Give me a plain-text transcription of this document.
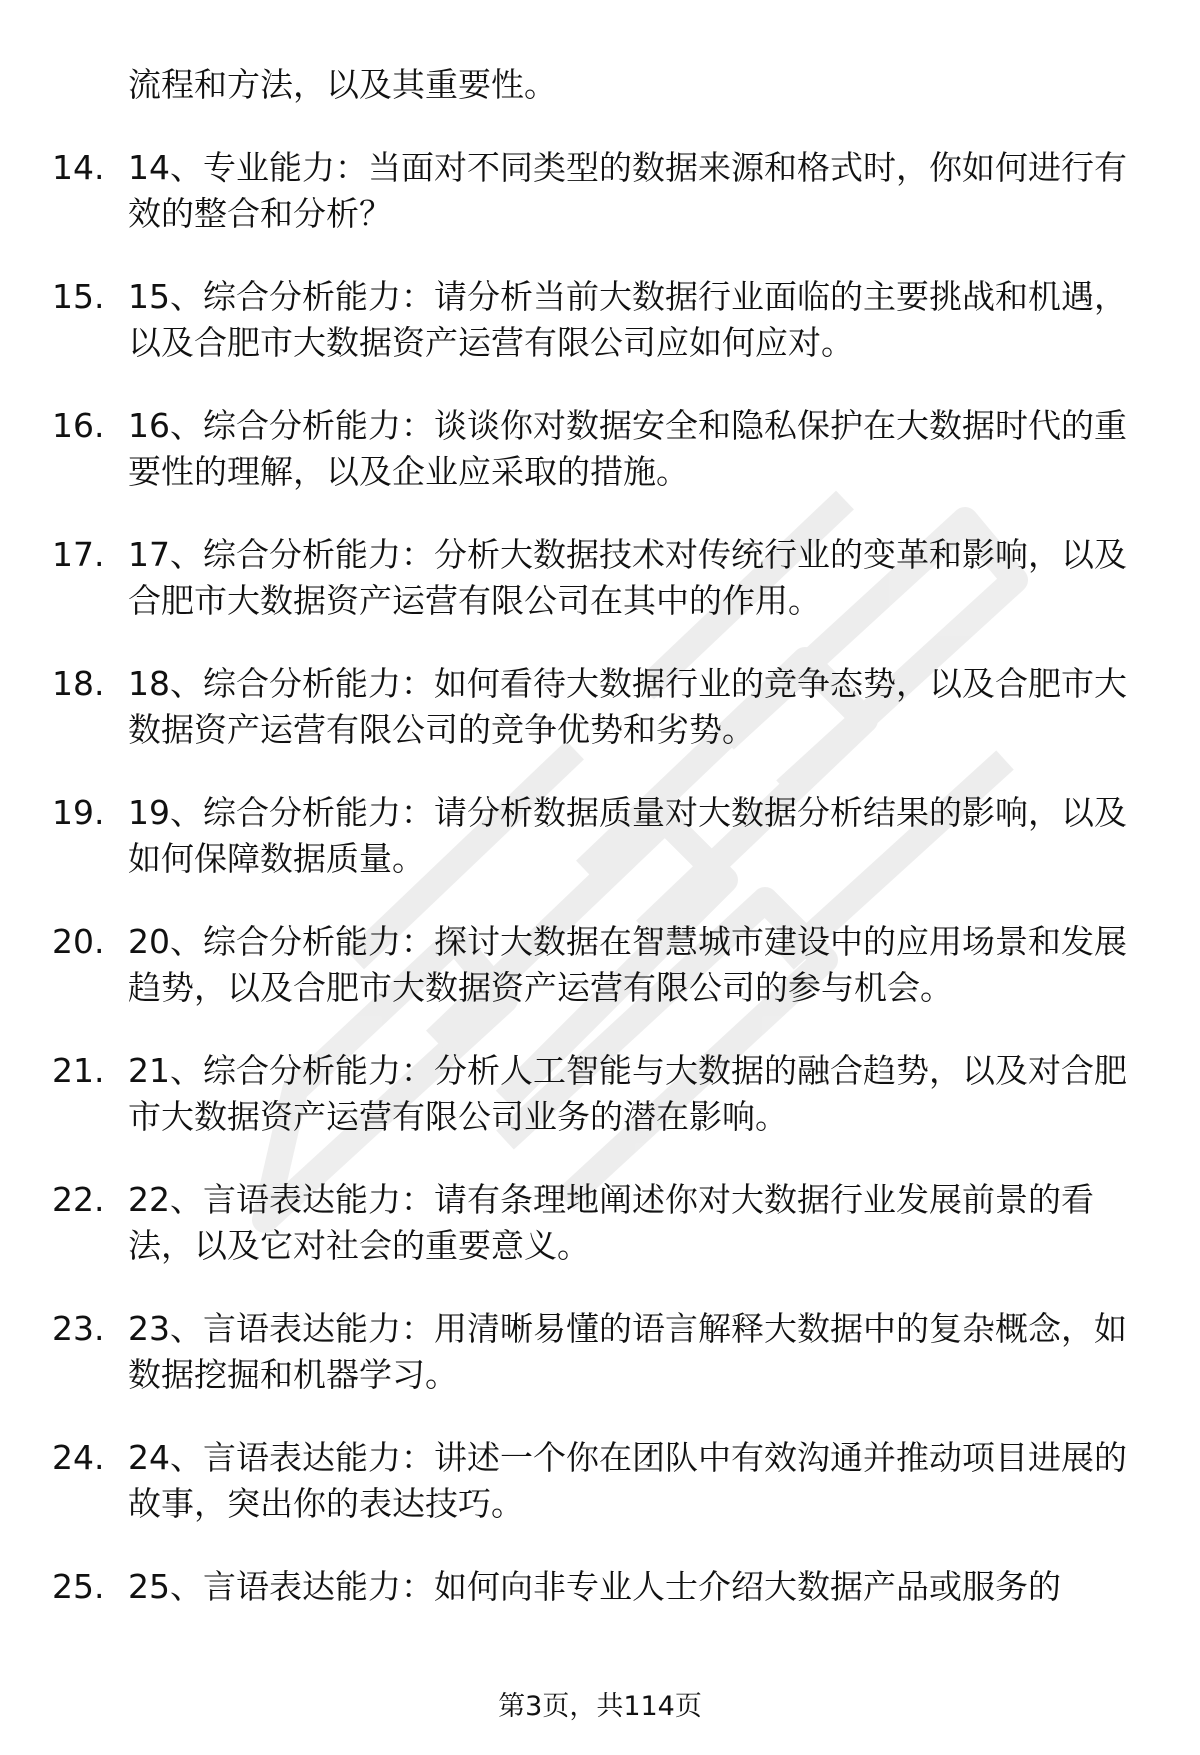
流程和方法，以及其重要性。
14. 14、专业能力：当面对不同类型的数据来源和格式时，你如何进行有效的整合和分析？
15. 15、综合分析能力：请分析当前大数据行业面临的主要挑战和机遇，以及合肥市大数据资产运营有限公司应如何应对。
16. 16、综合分析能力：谈谈你对数据安全和隐私保护在大数据时代的重要性的理解，以及企业应采取的措施。
17. 17、综合分析能力：分析大数据技术对传统行业的变革和影响，以及合肥市大数据资产运营有限公司在其中的作用。
18. 18、综合分析能力：如何看待大数据行业的竞争态势，以及合肥市大数据资产运营有限公司的竞争优势和劣势。
19. 19、综合分析能力：请分析数据质量对大数据分析结果的影响，以及如何保障数据质量。
20. 20、综合分析能力：探讨大数据在智慧城市建设中的应用场景和发展趋势，以及合肥市大数据资产运营有限公司的参与机会。
21. 21、综合分析能力：分析人工智能与大数据的融合趋势，以及对合肥市大数据资产运营有限公司业务的潜在影响。
22. 22、言语表达能力：请有条理地阐述你对大数据行业发展前景的看法，以及它对社会的重要意义。
23. 23、言语表达能力：用清晰易懂的语言解释大数据中的复杂概念，如数据挖掘和机器学习。
24. 24、言语表达能力：讲述一个你在团队中有效沟通并推动项目进展的故事，突出你的表达技巧。
25. 25、言语表达能力：如何向非专业人士介绍大数据产品或服务的
第3页，共114页
